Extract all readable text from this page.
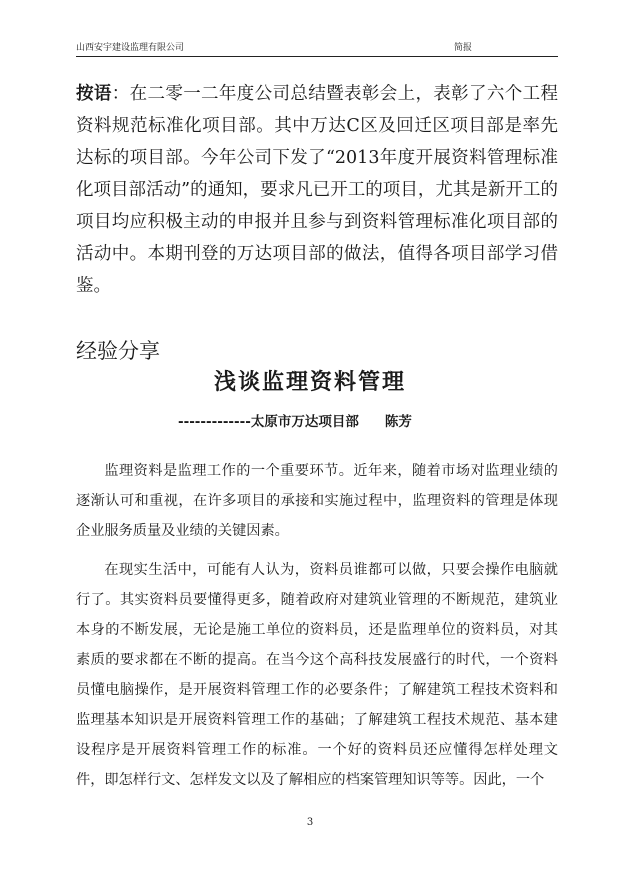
山西安宇建设监理有限公司	简报
按语：在二零一二年度公司总结暨表彰会上，表彰了六个工程资料规范标准化项目部。其中万达C区及回迁区项目部是率先达标的项目部。今年公司下发了“2013年度开展资料管理标准化项目部活动”的通知，要求凡已开工的项目，尤其是新开工的项目均应积极主动的申报并且参与到资料管理标准化项目部的活动中。本期刊登的万达项目部的做法，值得各项目部学习借鉴。
经验分享
浅谈监理资料管理
-------------太原市万达项目部 陈芳

监理资料是监理工作的一个重要环节。近年来，随着市场对监理业绩的逐渐认可和重视，在许多项目的承接和实施过程中，监理资料的管理是体现企业服务质量及业绩的关键因素。

在现实生活中，可能有人认为，资料员谁都可以做，只要会操作电脑就行了。其实资料员要懂得更多，随着政府对建筑业管理的不断规范，建筑业本身的不断发展，无论是施工单位的资料员，还是监理单位的资料员，对其素质的要求都在不断的提高。在当今这个高科技发展盛行的时代，一个资料员懂电脑操作，是开展资料管理工作的必要条件；了解建筑工程技术资料和监理基本知识是开展资料管理工作的基础；了解建筑工程技术规范、基本建设程序是开展资料管理工作的标准。一个好的资料员还应懂得怎样处理文件，即怎样行文、怎样发文以及了解相应的档案管理知识等等。因此，一个

3
